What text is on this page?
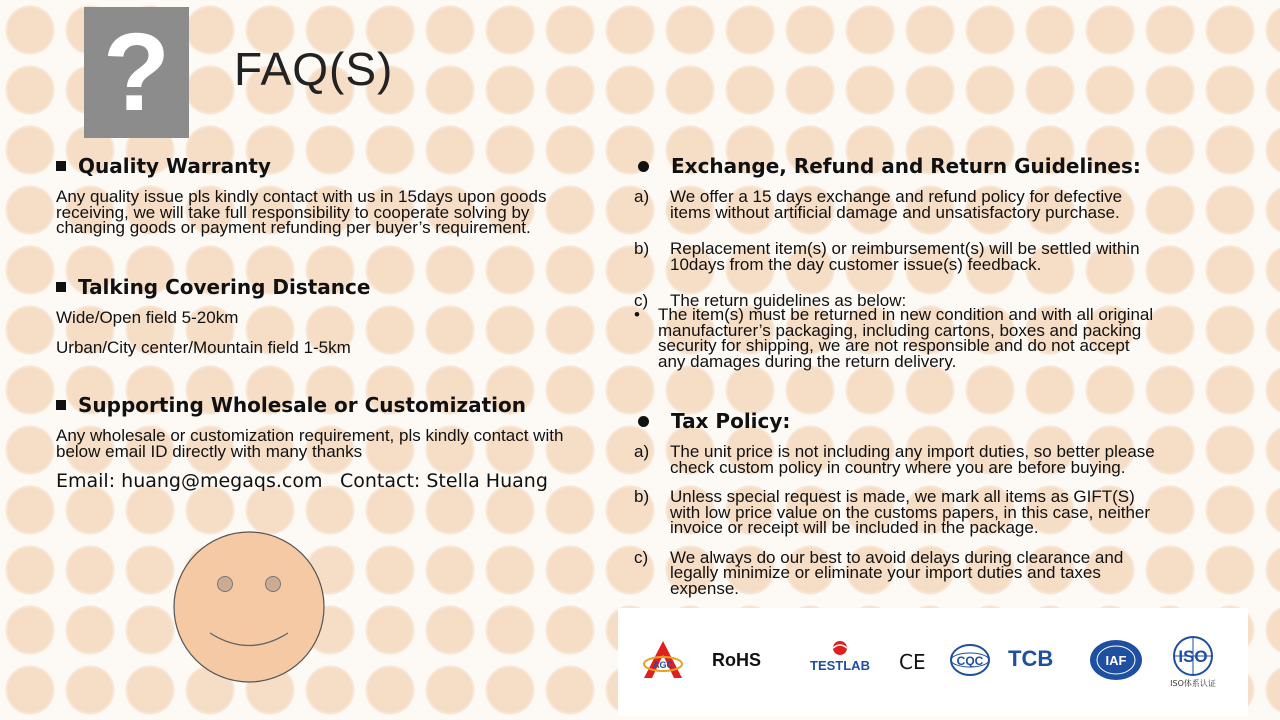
? FAQ(S)
Quality Warranty
Any quality issue pls kindly contact with us in 15days upon goods
receiving, we will take full responsibility to cooperate solving by
changing goods or payment refunding per buyer’s requirement.
Talking Covering Distance
Wide/Open field 5-20km
Urban/City center/Mountain field 1-5km
Supporting Wholesale or Customization
Any wholesale or customization requirement, pls kindly contact with
below email ID directly with many thanks
Email: huang@megaqs.com Contact: Stella Huang
Exchange, Refund and Return Guidelines:
a)	We offer a 15 days exchange and refund policy for defective
items without artificial damage and unsatisfactory purchase.
b)	Replacement item(s) or reimbursement(s) will be settled within
10days from the day customer issue(s) feedback.
c)	The return guidelines as below:
•	The item(s) must be returned in new condition and with all original
manufacturer’s packaging, including cartons, boxes and packing
security for shipping, we are not responsible and do not accept
any damages during the return delivery.
Tax Policy:
a)	The unit price is not including any import duties, so better please
check custom policy in country where you are before buying.
b)	Unless special request is made, we mark all items as GIFT(S)
with low price value on the customs papers, in this case, neither
invoice or receipt will be included in the package.
c)	We always do our best to avoid delays during clearance and
legally minimize or eliminate your import duties and taxes
expense.
AGC RoHS	TESTLAB CE	CQC TCB	IAF	ISO
ISO体系认证
